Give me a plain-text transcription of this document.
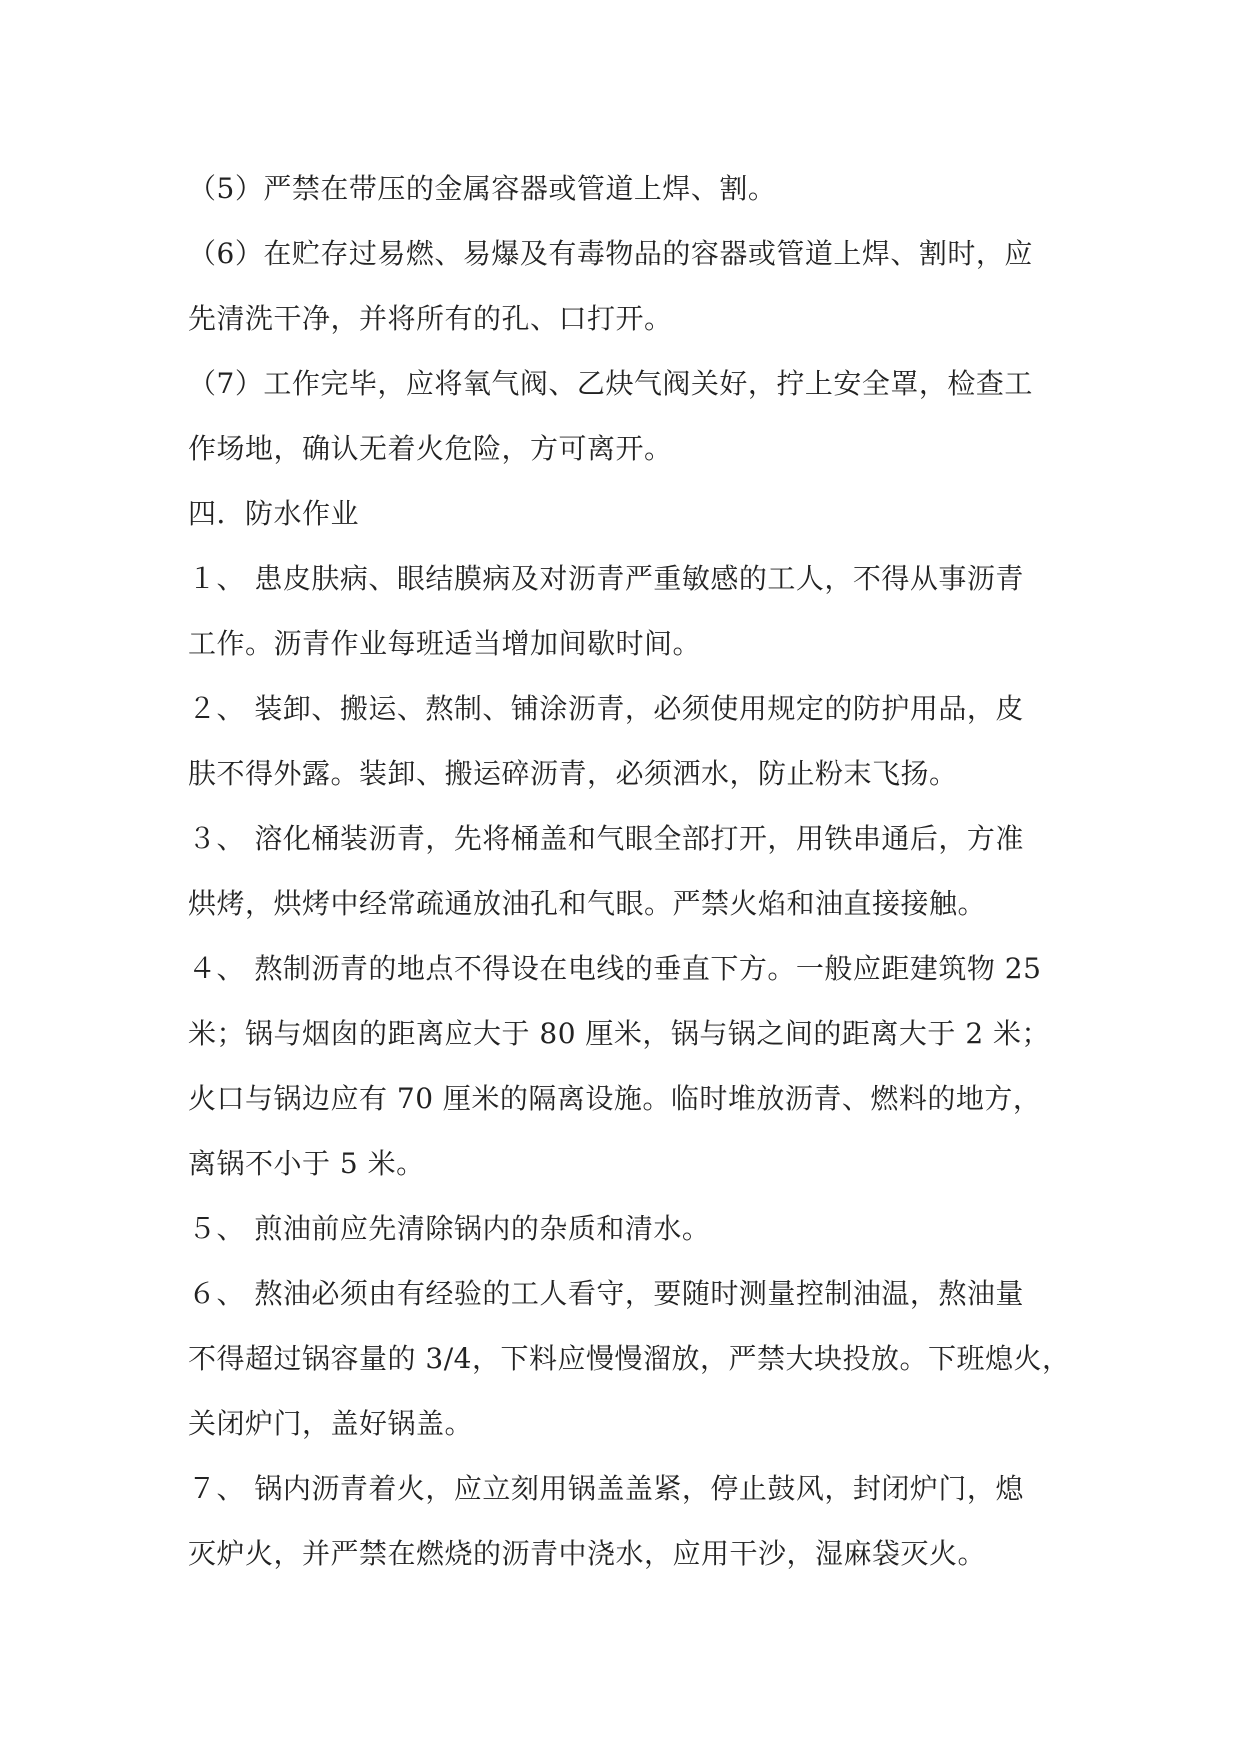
（5）严禁在带压的金属容器或管道上焊、割。
（6）在贮存过易燃、易爆及有毒物品的容器或管道上焊、割时，应
先清洗干净，并将所有的孔、口打开。
（7）工作完毕，应将氧气阀、乙炔气阀关好，拧上安全罩，检查工
作场地，确认无着火危险，方可离开。
四．防水作业
１、 患皮肤病、眼结膜病及对沥青严重敏感的工人，不得从事沥青
工作。沥青作业每班适当增加间歇时间。
２、 装卸、搬运、熬制、铺涂沥青，必须使用规定的防护用品，皮
肤不得外露。装卸、搬运碎沥青，必须洒水，防止粉末飞扬。
３、 溶化桶装沥青，先将桶盖和气眼全部打开，用铁串通后，方准
烘烤，烘烤中经常疏通放油孔和气眼。严禁火焰和油直接接触。
４、 熬制沥青的地点不得设在电线的垂直下方。一般应距建筑物 25
米；锅与烟囱的距离应大于 80 厘米，锅与锅之间的距离大于 2 米；
火口与锅边应有 70 厘米的隔离设施。临时堆放沥青、燃料的地方，
离锅不小于 5 米。
５、 煎油前应先清除锅内的杂质和清水。
６、 熬油必须由有经验的工人看守，要随时测量控制油温，熬油量
不得超过锅容量的 3/4，下料应慢慢溜放，严禁大块投放。下班熄火，
关闭炉门，盖好锅盖。
７、 锅内沥青着火，应立刻用锅盖盖紧，停止鼓风，封闭炉门，熄
灭炉火，并严禁在燃烧的沥青中浇水，应用干沙，湿麻袋灭火。
